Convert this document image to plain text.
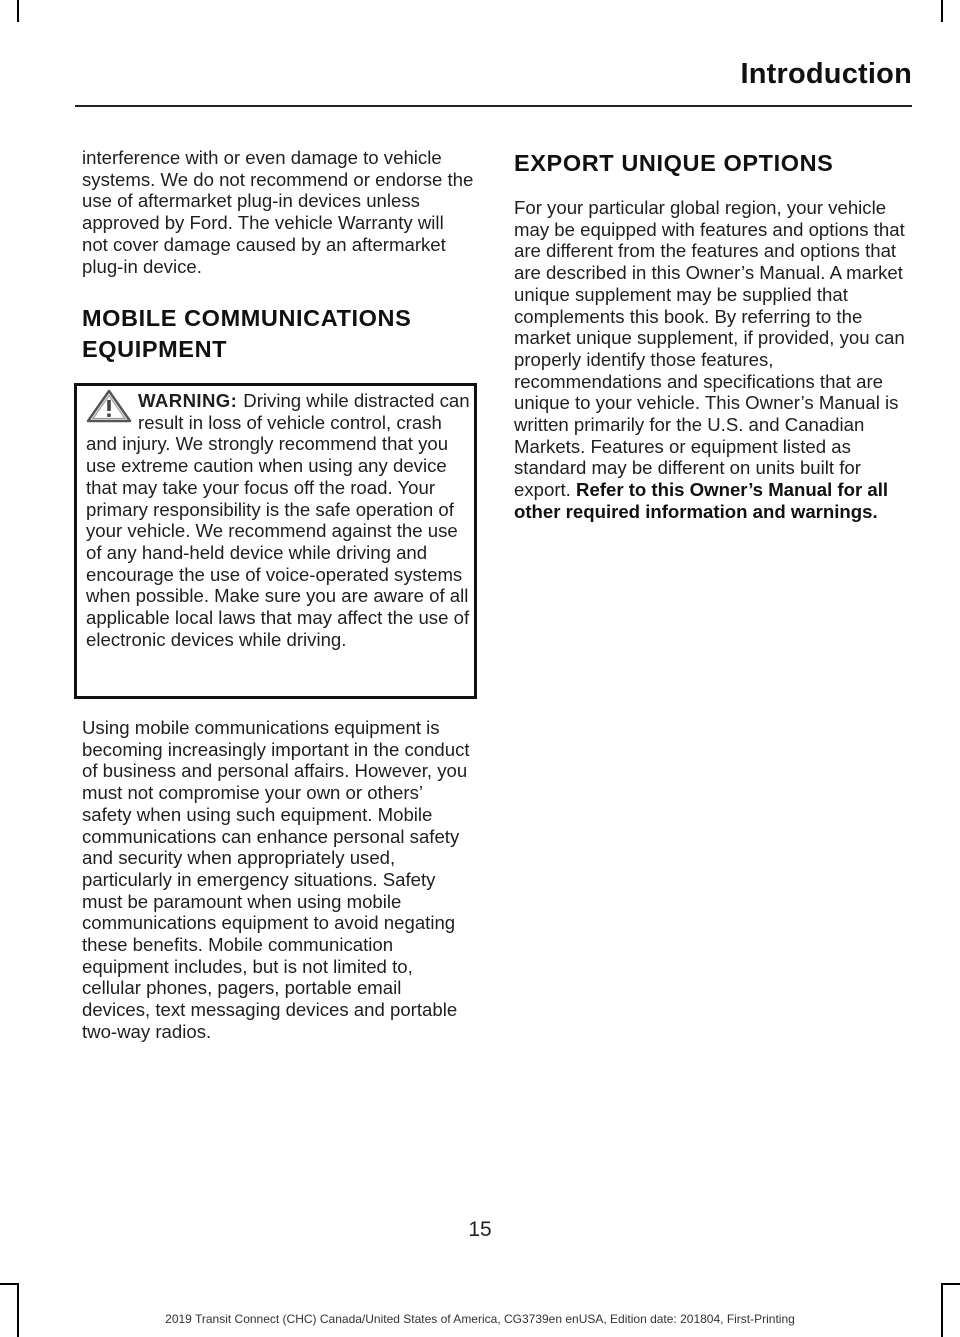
Introduction

interference with or even damage to vehicle systems. We do not recommend or endorse the use of aftermarket plug-in devices unless approved by Ford. The vehicle Warranty will not cover damage caused by an aftermarket plug-in device.

MOBILE COMMUNICATIONS
EQUIPMENT
WARNING: Driving while distracted can result in loss of vehicle control, crash and injury. We strongly recommend that you use extreme caution when using any device that may take your focus off the road. Your primary responsibility is the safe operation of your vehicle. We recommend against the use of any hand-held device while driving and encourage the use of voice-operated systems when possible. Make sure you are aware of all applicable local laws that may affect the use of electronic devices while driving.

Using mobile communications equipment is becoming increasingly important in the conduct of business and personal affairs. However, you must not compromise your own or others’ safety when using such equipment. Mobile communications can enhance personal safety and security when appropriately used, particularly in emergency situations. Safety must be paramount when using mobile communications equipment to avoid negating these benefits. Mobile communication equipment includes, but is not limited to, cellular phones, pagers, portable email devices, text messaging devices and portable two-way radios.

EXPORT UNIQUE OPTIONS

For your particular global region, your vehicle may be equipped with features and options that are different from the features and options that are described in this Owner’s Manual. A market unique supplement may be supplied that complements this book. By referring to the market unique supplement, if provided, you can properly identify those features, recommendations and specifications that are unique to your vehicle. This Owner’s Manual is written primarily for the U.S. and Canadian Markets. Features or equipment listed as standard may be different on units built for export. Refer to this Owner’s Manual for all other required information and warnings.

15
2019 Transit Connect (CHC) Canada/United States of America, CG3739en enUSA, Edition date: 201804, First-Printing
